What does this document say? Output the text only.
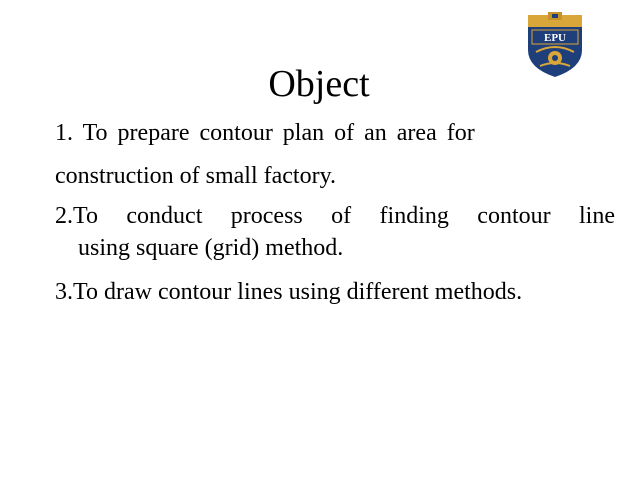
EPU
Object
1. To prepare contour plan of an area for
construction of small factory.
2.To conduct process of finding contour line
using square (grid) method.
3.To draw contour lines using different methods.
